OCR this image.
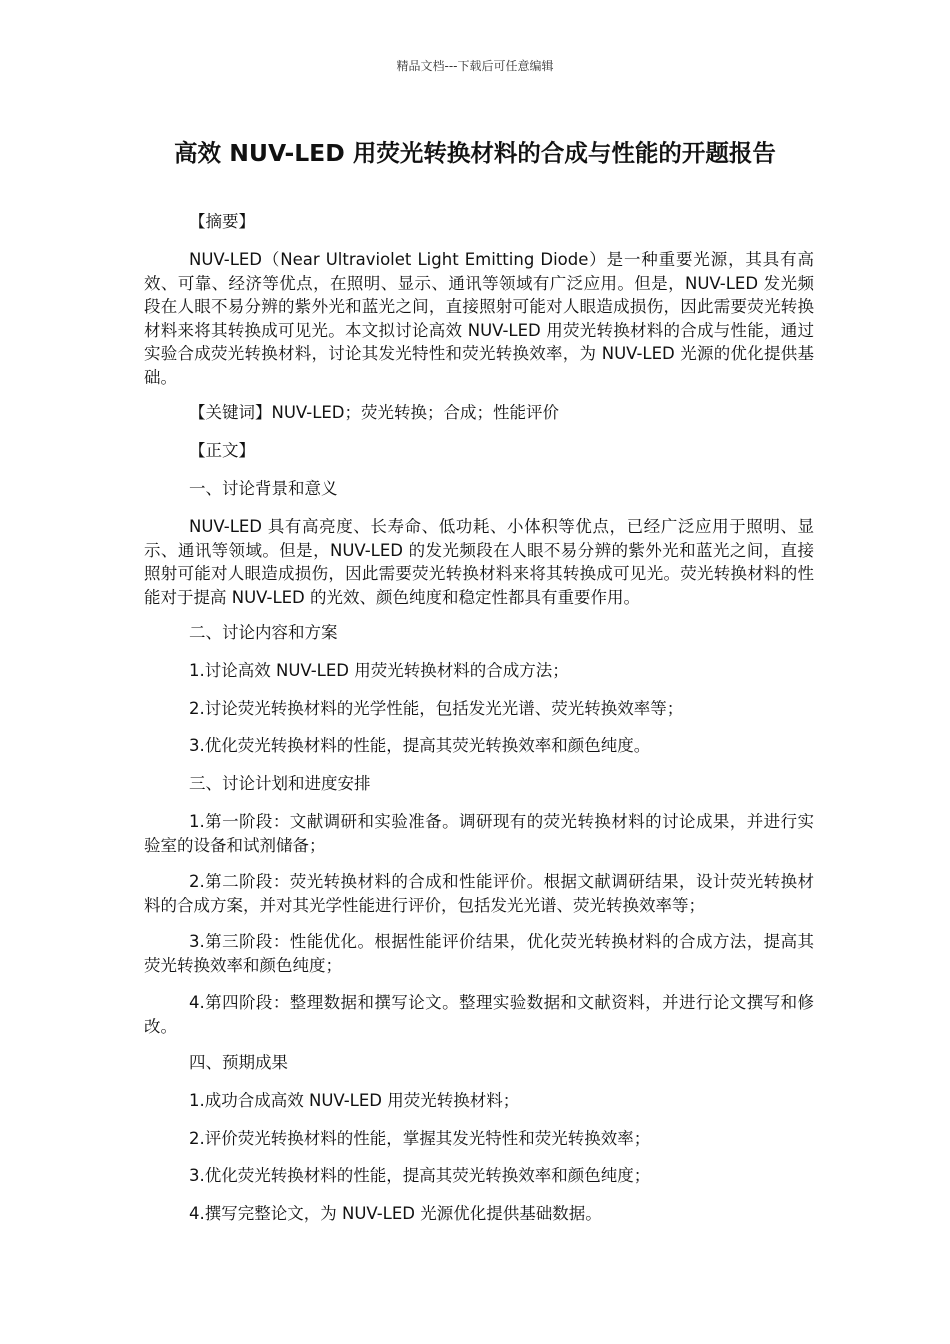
精品文档---下载后可任意编辑
高效 NUV-LED 用荧光转换材料的合成与性能的开题报告

【摘要】

NUV-LED（Near Ultraviolet Light Emitting Diode）是一种重要光源，其具有高效、可靠、经济等优点，在照明、显示、通讯等领域有广泛应用。但是，NUV-LED 发光频段在人眼不易分辨的紫外光和蓝光之间，直接照射可能对人眼造成损伤，因此需要荧光转换材料来将其转换成可见光。本文拟讨论高效 NUV-LED 用荧光转换材料的合成与性能，通过实验合成荧光转换材料，讨论其发光特性和荧光转换效率，为 NUV-LED 光源的优化提供基础。

【关键词】NUV-LED；荧光转换；合成；性能评价

【正文】

一、讨论背景和意义

NUV-LED 具有高亮度、长寿命、低功耗、小体积等优点，已经广泛应用于照明、显示、通讯等领域。但是，NUV-LED 的发光频段在人眼不易分辨的紫外光和蓝光之间，直接照射可能对人眼造成损伤，因此需要荧光转换材料来将其转换成可见光。荧光转换材料的性能对于提高 NUV-LED 的光效、颜色纯度和稳定性都具有重要作用。

二、讨论内容和方案

1.讨论高效 NUV-LED 用荧光转换材料的合成方法；

2.讨论荧光转换材料的光学性能，包括发光光谱、荧光转换效率等；

3.优化荧光转换材料的性能，提高其荧光转换效率和颜色纯度。

三、讨论计划和进度安排

1.第一阶段：文献调研和实验准备。调研现有的荧光转换材料的讨论成果，并进行实验室的设备和试剂储备；

2.第二阶段：荧光转换材料的合成和性能评价。根据文献调研结果，设计荧光转换材料的合成方案，并对其光学性能进行评价，包括发光光谱、荧光转换效率等；

3.第三阶段：性能优化。根据性能评价结果，优化荧光转换材料的合成方法，提高其荧光转换效率和颜色纯度；

4.第四阶段：整理数据和撰写论文。整理实验数据和文献资料，并进行论文撰写和修改。

四、预期成果

1.成功合成高效 NUV-LED 用荧光转换材料；

2.评价荧光转换材料的性能，掌握其发光特性和荧光转换效率；

3.优化荧光转换材料的性能，提高其荧光转换效率和颜色纯度；

4.撰写完整论文，为 NUV-LED 光源优化提供基础数据。
